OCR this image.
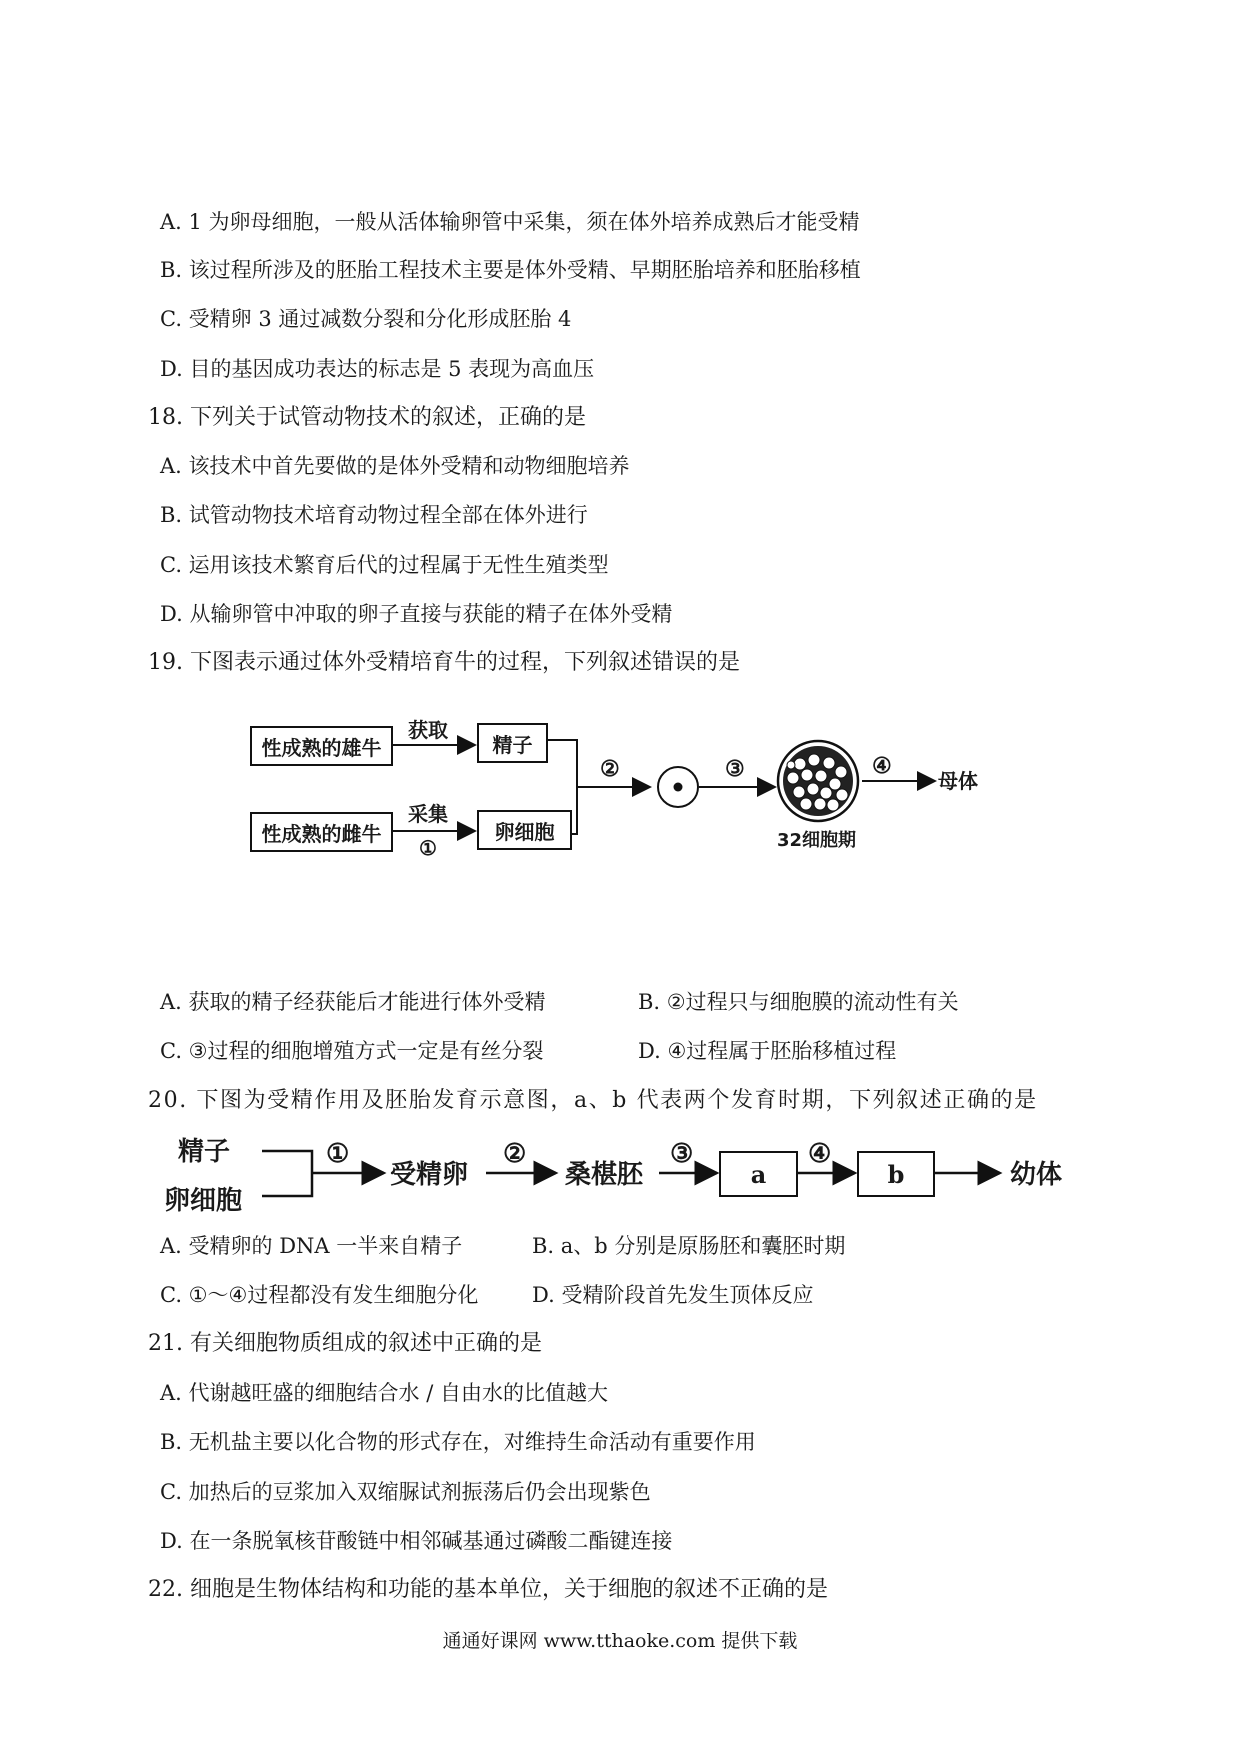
A. 1 为卵母细胞，一般从活体输卵管中采集，须在体外培养成熟后才能受精
B. 该过程所涉及的胚胎工程技术主要是体外受精、早期胚胎培养和胚胎移植
C. 受精卵 3 通过减数分裂和分化形成胚胎 4
D. 目的基因成功表达的标志是 5 表现为高血压
18. 下列关于试管动物技术的叙述，正确的是
A. 该技术中首先要做的是体外受精和动物细胞培养
B. 试管动物技术培育动物过程全部在体外进行
C. 运用该技术繁育后代的过程属于无性生殖类型
D. 从输卵管中冲取的卵子直接与获能的精子在体外受精
19. 下图表示通过体外受精培育牛的过程，下列叙述错误的是
性成熟的雄牛
性成熟的雌牛
精子
卵细胞
获取
采集
①
②	③	④
母体
32细胞期
A. 获取的精子经获能后才能进行体外受精	B. ②过程只与细胞膜的流动性有关
C. ③过程的细胞增殖方式一定是有丝分裂	D. ④过程属于胚胎移植过程
20. 下图为受精作用及胚胎发育示意图，a、b 代表两个发育时期，下列叙述正确的是
精子
卵细胞
①
受精卵
②
桑椹胚
③
a
④
b	幼体
A. 受精卵的 DNA 一半来自精子	B. a、b 分别是原肠胚和囊胚时期
C. ①～④过程都没有发生细胞分化	D. 受精阶段首先发生顶体反应
21. 有关细胞物质组成的叙述中正确的是
A. 代谢越旺盛的细胞结合水 / 自由水的比值越大
B. 无机盐主要以化合物的形式存在，对维持生命活动有重要作用
C. 加热后的豆浆加入双缩脲试剂振荡后仍会出现紫色
D. 在一条脱氧核苷酸链中相邻碱基通过磷酸二酯键连接
22. 细胞是生物体结构和功能的基本单位，关于细胞的叙述不正确的是
通通好课网 www.tthaoke.com 提供下载
